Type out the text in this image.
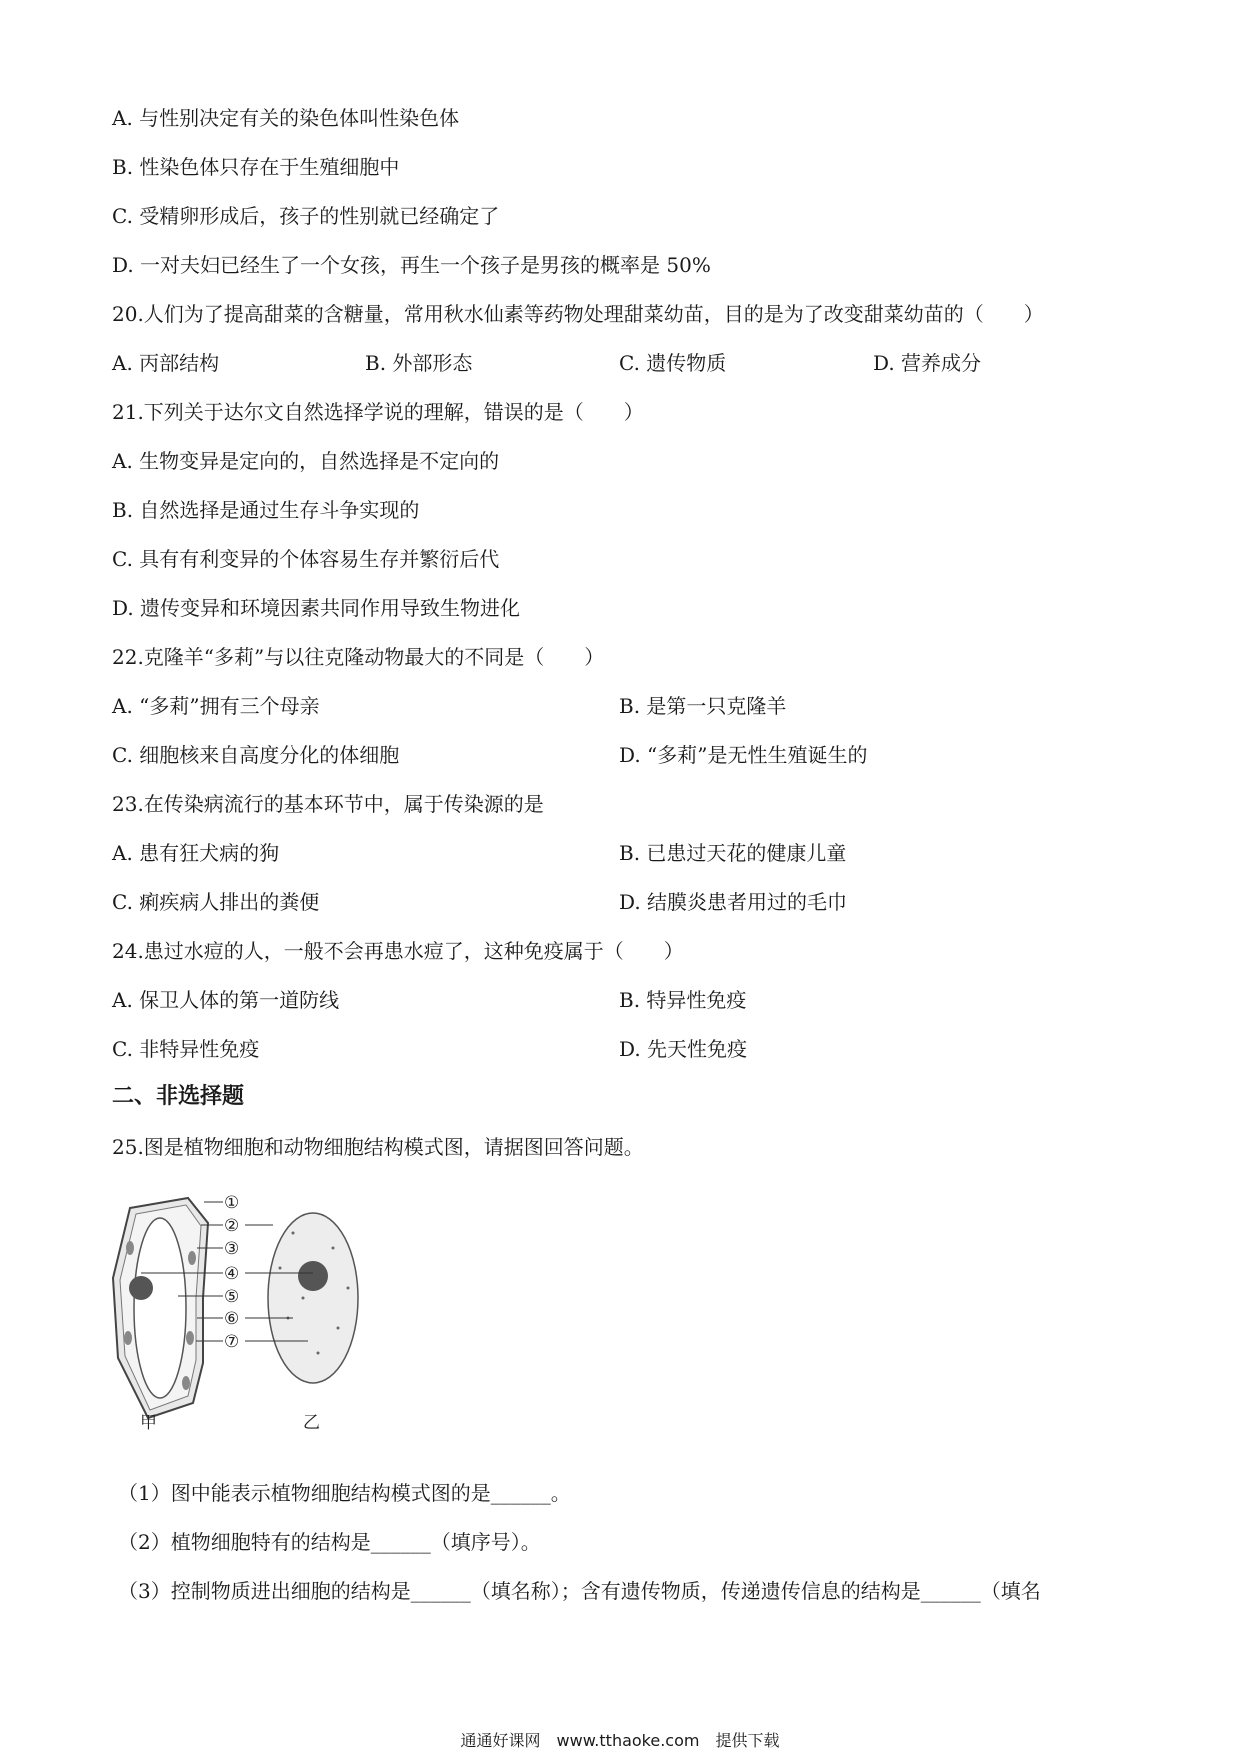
A. 与性别决定有关的染色体叫性染色体
B. 性染色体只存在于生殖细胞中
C. 受精卵形成后，孩子的性别就已经确定了
D. 一对夫妇已经生了一个女孩，再生一个孩子是男孩的概率是 50%
20.人们为了提高甜菜的含糖量，常用秋水仙素等药物处理甜菜幼苗，目的是为了改变甜菜幼苗的（　　）
A. 丙部结构	B. 外部形态	C. 遗传物质	D. 营养成分
21.下列关于达尔文自然选择学说的理解，错误的是（　　）
A. 生物变异是定向的，自然选择是不定向的
B. 自然选择是通过生存斗争实现的
C. 具有有利变异的个体容易生存并繁衍后代
D. 遗传变异和环境因素共同作用导致生物进化
22.克隆羊“多莉”与以往克隆动物最大的不同是（　　）
A. “多莉”拥有三个母亲	B. 是第一只克隆羊
C. 细胞核来自高度分化的体细胞	D. “多莉”是无性生殖诞生的
23.在传染病流行的基本环节中，属于传染源的是
A. 患有狂犬病的狗	B. 已患过天花的健康儿童
C. 痢疾病人排出的粪便	D. 结膜炎患者用过的毛巾
24.患过水痘的人，一般不会再患水痘了，这种免疫属于（　　）
A. 保卫人体的第一道防线	B. 特异性免疫
C. 非特异性免疫	D. 先天性免疫
二、非选择题
25.图是植物细胞和动物细胞结构模式图，请据图回答问题。
①
②
③
④
⑤
⑥
⑦
甲	乙
（1）图中能表示植物细胞结构模式图的是______。
（2）植物细胞特有的结构是______（填序号）。
（3）控制物质进出细胞的结构是______（填名称）；含有遗传物质，传递遗传信息的结构是______（填名
通通好课网　www.tthaoke.com　提供下载
